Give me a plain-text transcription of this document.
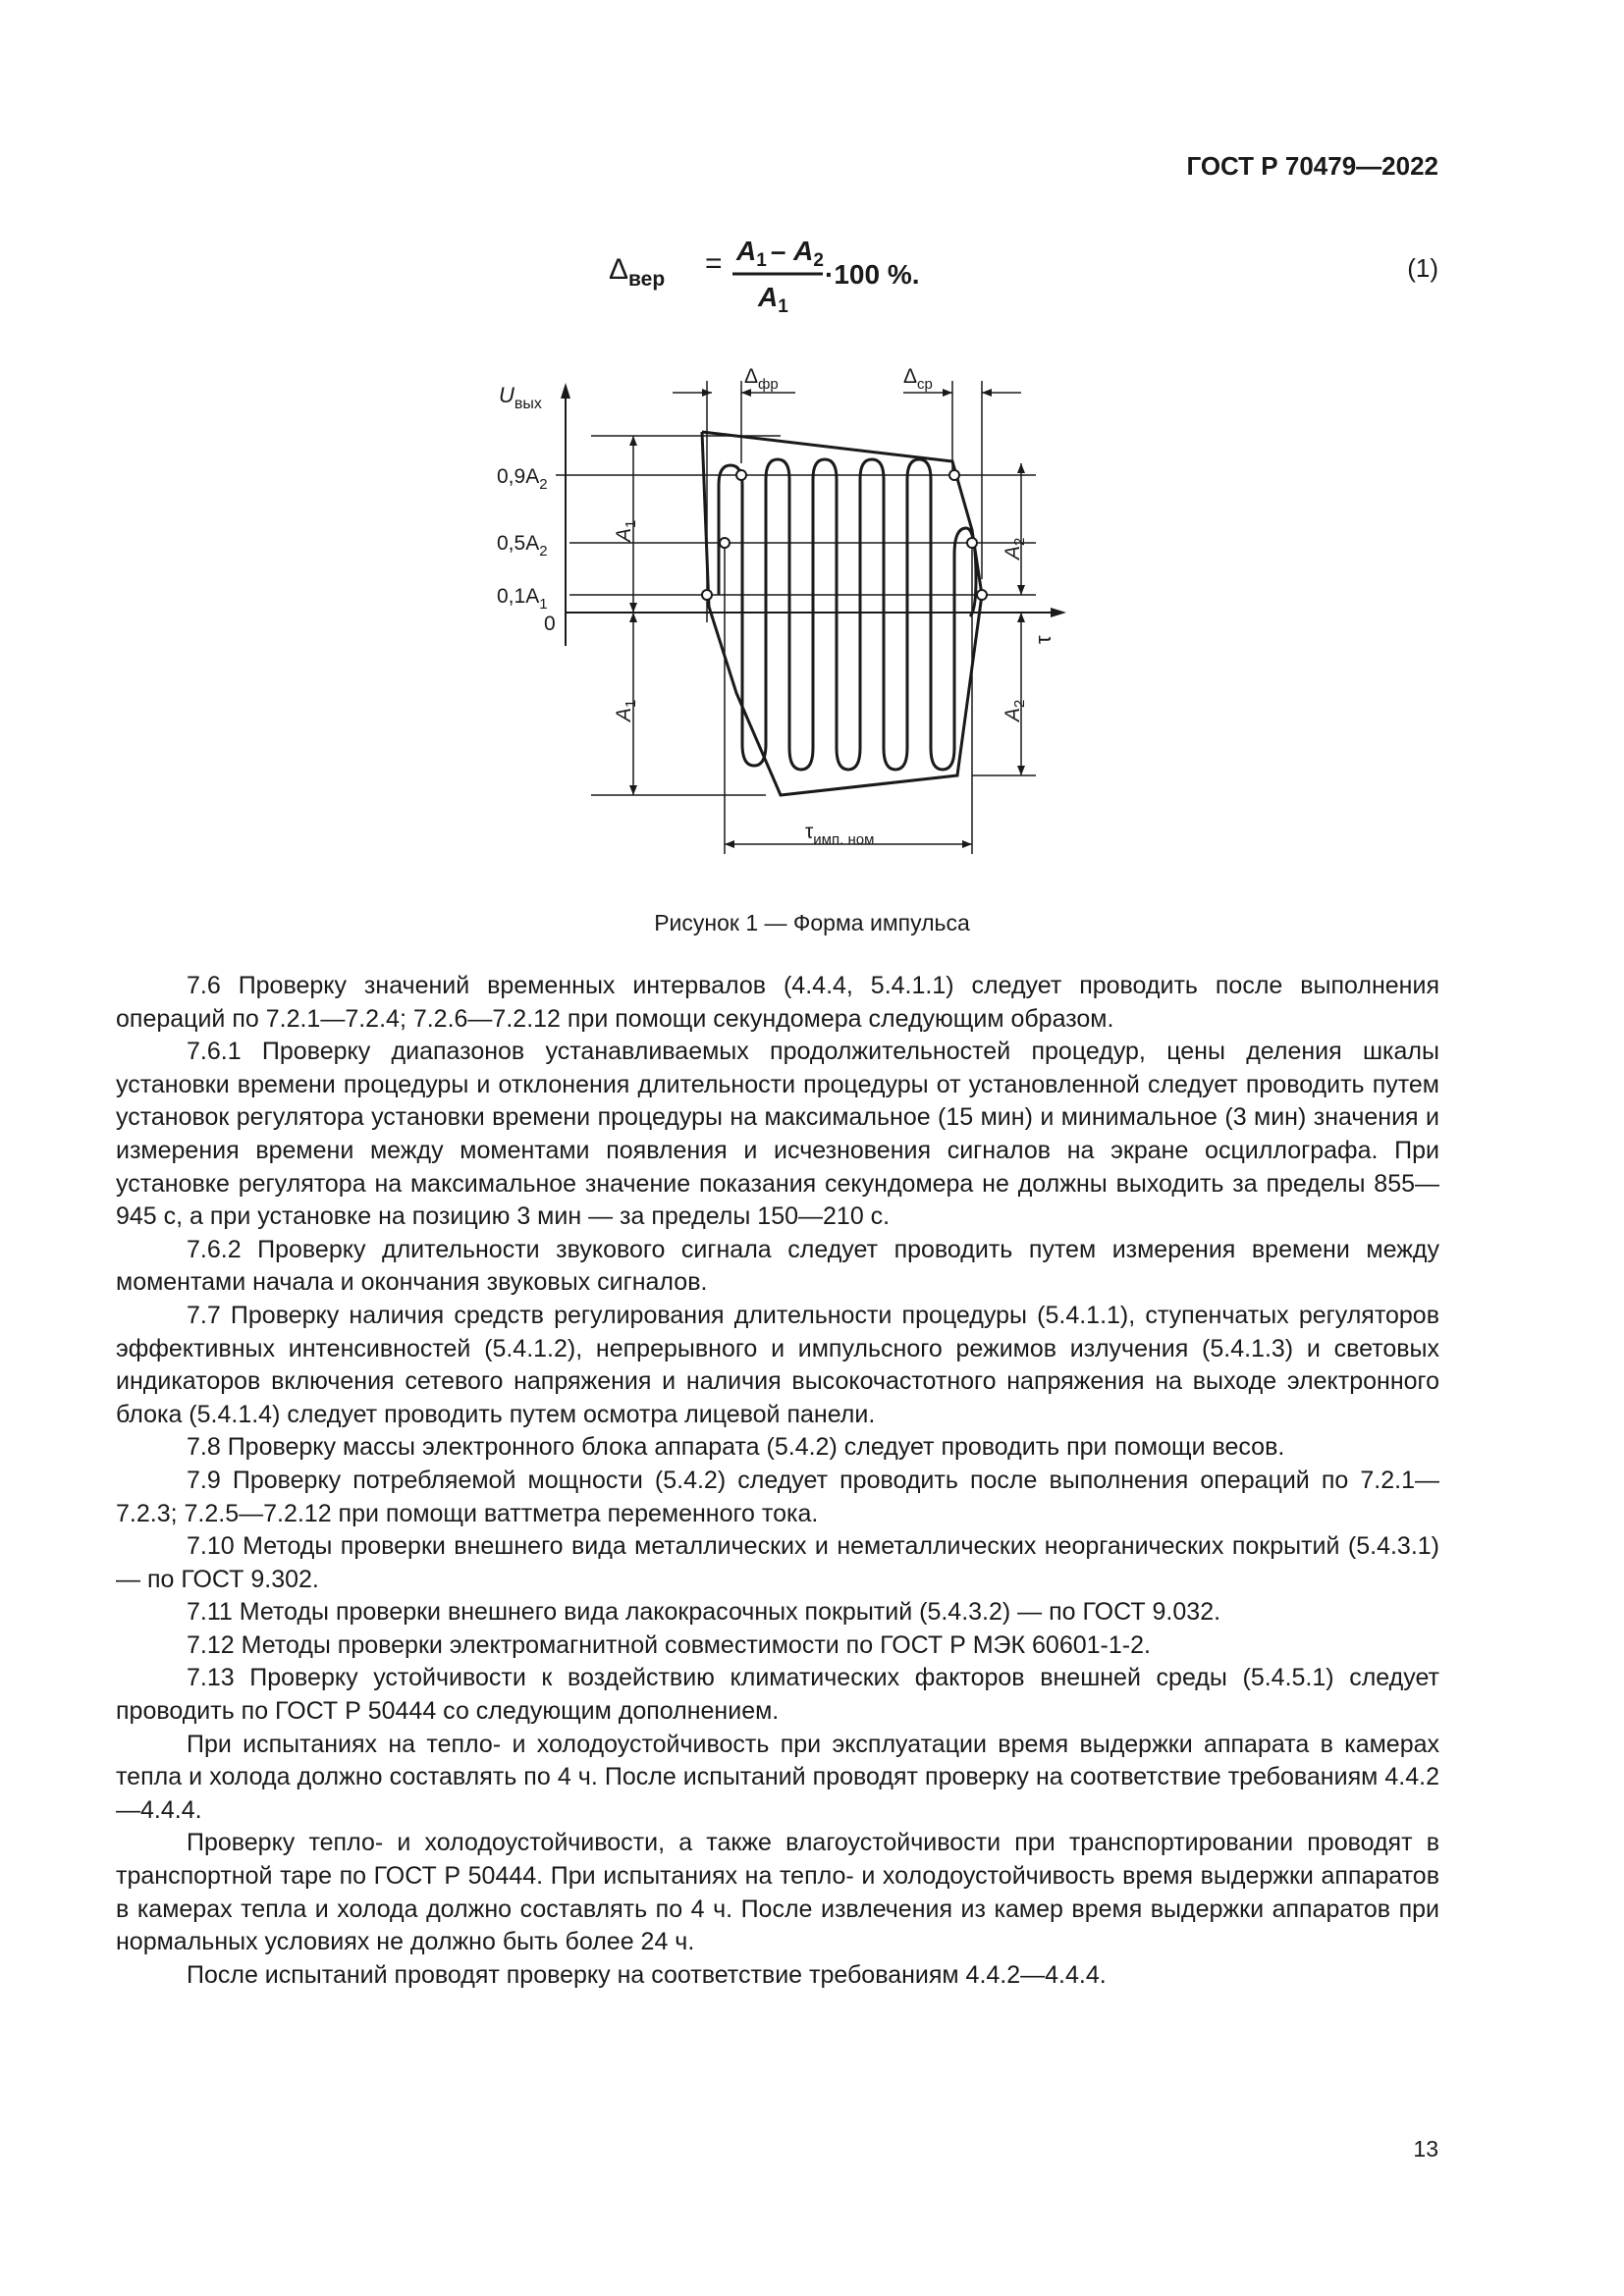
ГОСТ Р 70479—2022
$\Delta_{вер} = A_1 - A_2$
$A_1$
·100 %.	(1)
$U_{вых}$
$0,9A_2$
$0,5A_2$
$0,1A_1$
0
$\Delta_{фр}$	$\Delta_{ср}$
$A_1$
$A_1$
$A_2$
$A_2$
τ
$\tau_{имп. ном}$
Рисунок 1 — Форма импульса

7.6 Проверку значений временных интервалов (4.4.4, 5.4.1.1) следует проводить после выполнения операций по 7.2.1—7.2.4; 7.2.6—7.2.12 при помощи секундомера следующим образом.

7.6.1 Проверку диапазонов устанавливаемых продолжительностей процедур, цены деления шкалы установки времени процедуры и отклонения длительности процедуры от установленной следует проводить путем установок регулятора установки времени процедуры на максимальное (15 мин) и минимальное (3 мин) значения и измерения времени между моментами появления и исчезновения сигналов на экране осциллографа. При установке регулятора на максимальное значение показания секундомера не должны выходить за пределы 855—945 с, а при установке на позицию 3 мин — за пределы 150—210 с.

7.6.2 Проверку длительности звукового сигнала следует проводить путем измерения времени между моментами начала и окончания звуковых сигналов.

7.7 Проверку наличия средств регулирования длительности процедуры (5.4.1.1), ступенчатых регуляторов эффективных интенсивностей (5.4.1.2), непрерывного и импульсного режимов излучения (5.4.1.3) и световых индикаторов включения сетевого напряжения и наличия высокочастотного напряжения на выходе электронного блока (5.4.1.4) следует проводить путем осмотра лицевой панели.

7.8 Проверку массы электронного блока аппарата (5.4.2) следует проводить при помощи весов.

7.9 Проверку потребляемой мощности (5.4.2) следует проводить после выполнения операций по 7.2.1—7.2.3; 7.2.5—7.2.12 при помощи ваттметра переменного тока.

7.10 Методы проверки внешнего вида металлических и неметаллических неорганических покрытий (5.4.3.1) — по ГОСТ 9.302.

7.11 Методы проверки внешнего вида лакокрасочных покрытий (5.4.3.2) — по ГОСТ 9.032.

7.12 Методы проверки электромагнитной совместимости по ГОСТ Р МЭК 60601-1-2.

7.13 Проверку устойчивости к воздействию климатических факторов внешней среды (5.4.5.1) следует проводить по ГОСТ Р 50444 со следующим дополнением.

При испытаниях на тепло- и холодоустойчивость при эксплуатации время выдержки аппарата в камерах тепла и холода должно составлять по 4 ч. После испытаний проводят проверку на соответствие требованиям 4.4.2—4.4.4.

Проверку тепло- и холодоустойчивости, а также влагоустойчивости при транспортировании проводят в транспортной таре по ГОСТ Р 50444. При испытаниях на тепло- и холодоустойчивость время выдержки аппаратов в камерах тепла и холода должно составлять по 4 ч. После извлечения из камер время выдержки аппаратов при нормальных условиях не должно быть более 24 ч.

После испытаний проводят проверку на соответствие требованиям 4.4.2—4.4.4.

13
